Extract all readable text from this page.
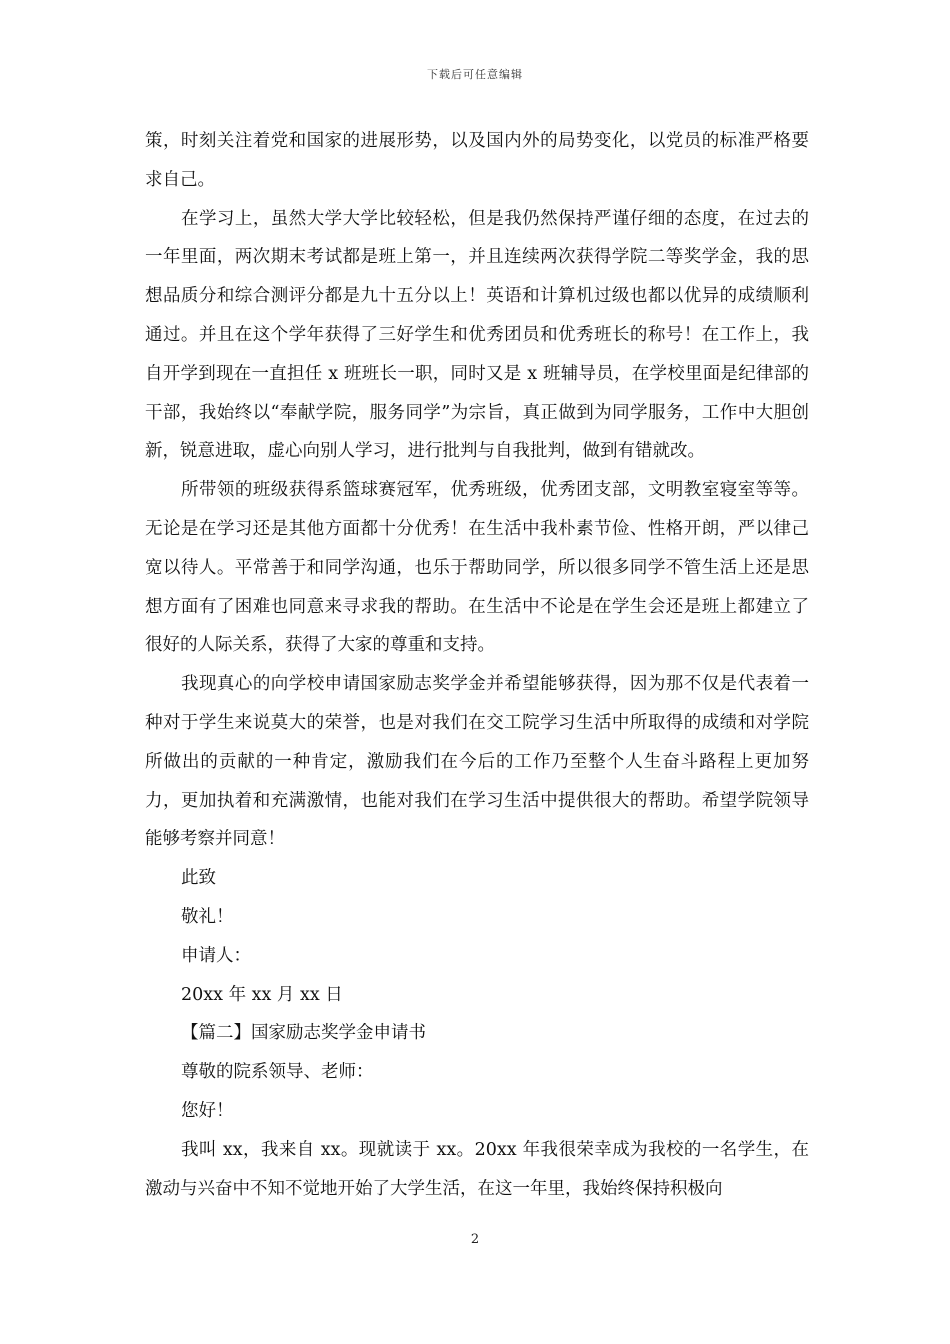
下载后可任意编辑

策，时刻关注着党和国家的进展形势，以及国内外的局势变化，以党员的标准严格要求自己。

在学习上，虽然大学大学比较轻松，但是我仍然保持严谨仔细的态度，在过去的一年里面，两次期末考试都是班上第一，并且连续两次获得学院二等奖学金，我的思想品质分和综合测评分都是九十五分以上！英语和计算机过级也都以优异的成绩顺利通过。并且在这个学年获得了三好学生和优秀团员和优秀班长的称号！在工作上，我自开学到现在一直担任 x 班班长一职，同时又是 x 班辅导员，在学校里面是纪律部的干部，我始终以“奉献学院，服务同学”为宗旨，真正做到为同学服务，工作中大胆创新，锐意进取，虚心向别人学习，进行批判与自我批判，做到有错就改。

所带领的班级获得系篮球赛冠军，优秀班级，优秀团支部，文明教室寝室等等。无论是在学习还是其他方面都十分优秀！在生活中我朴素节俭、性格开朗，严以律己宽以待人。平常善于和同学沟通，也乐于帮助同学，所以很多同学不管生活上还是思想方面有了困难也同意来寻求我的帮助。在生活中不论是在学生会还是班上都建立了很好的人际关系，获得了大家的尊重和支持。

我现真心的向学校申请国家励志奖学金并希望能够获得，因为那不仅是代表着一种对于学生来说莫大的荣誉，也是对我们在交工院学习生活中所取得的成绩和对学院所做出的贡献的一种肯定，激励我们在今后的工作乃至整个人生奋斗路程上更加努力，更加执着和充满激情，也能对我们在学习生活中提供很大的帮助。希望学院领导能够考察并同意！

此致

敬礼！

申请人：

20xx 年 xx 月 xx 日

【篇二】国家励志奖学金申请书

尊敬的院系领导、老师：

您好！

我叫 xx，我来自 xx。现就读于 xx。20xx 年我很荣幸成为我校的一名学生，在激动与兴奋中不知不觉地开始了大学生活，在这一年里，我始终保持积极向

2
